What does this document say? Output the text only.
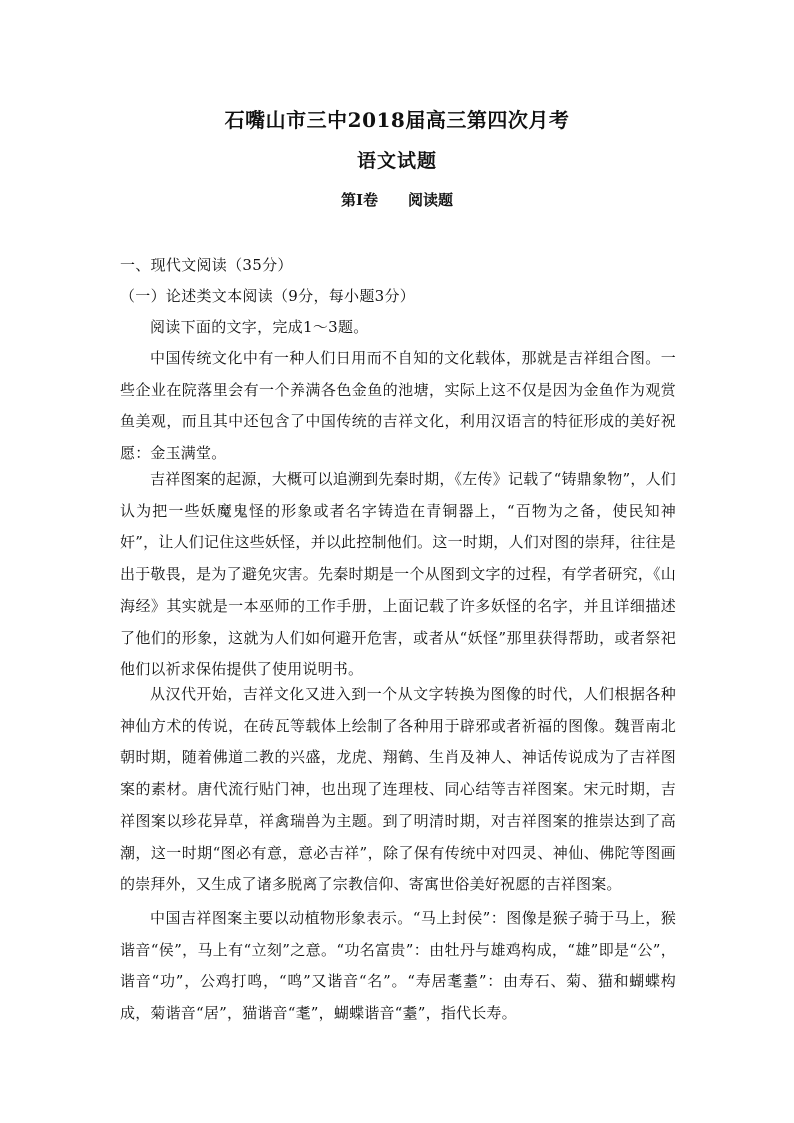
石嘴山市三中2018届高三第四次月考
语文试题
第Ⅰ卷 阅读题
一、现代文阅读（35分）
（一）论述类文本阅读（9分，每小题3分）
阅读下面的文字，完成1～3题。
中国传统文化中有一种人们日用而不自知的文化载体，那就是吉祥组合图。一些企业在院落里会有一个养满各色金鱼的池塘，实际上这不仅是因为金鱼作为观赏鱼美观，而且其中还包含了中国传统的吉祥文化，利用汉语言的特征形成的美好祝愿：金玉满堂。
吉祥图案的起源，大概可以追溯到先秦时期，《左传》记载了“铸鼎象物”，人们认为把一些妖魔鬼怪的形象或者名字铸造在青铜器上，“百物为之备，使民知神奸”，让人们记住这些妖怪，并以此控制他们。这一时期，人们对图的崇拜，往往是出于敬畏，是为了避免灾害。先秦时期是一个从图到文字的过程，有学者研究，《山海经》其实就是一本巫师的工作手册，上面记载了许多妖怪的名字，并且详细描述了他们的形象，这就为人们如何避开危害，或者从“妖怪”那里获得帮助，或者祭祀他们以祈求保佑提供了使用说明书。
从汉代开始，吉祥文化又进入到一个从文字转换为图像的时代，人们根据各种神仙方术的传说，在砖瓦等载体上绘制了各种用于辟邪或者祈福的图像。魏晋南北朝时期，随着佛道二教的兴盛，龙虎、翔鹤、生肖及神人、神话传说成为了吉祥图案的素材。唐代流行贴门神，也出现了连理枝、同心结等吉祥图案。宋元时期，吉祥图案以珍花异草，祥禽瑞兽为主题。到了明清时期，对吉祥图案的推崇达到了高潮，这一时期“图必有意，意必吉祥”，除了保有传统中对四灵、神仙、佛陀等图画的崇拜外，又生成了诸多脱离了宗教信仰、寄寓世俗美好祝愿的吉祥图案。
中国吉祥图案主要以动植物形象表示。“马上封侯”：图像是猴子骑于马上，猴谐音“侯”，马上有“立刻”之意。“功名富贵”：由牡丹与雄鸡构成，“雄”即是“公”，谐音“功”，公鸡打鸣，“鸣”又谐音“名”。“寿居耄耋”：由寿石、菊、猫和蝴蝶构成，菊谐音“居”，猫谐音“耄”，蝴蝶谐音“耋”，指代长寿。
